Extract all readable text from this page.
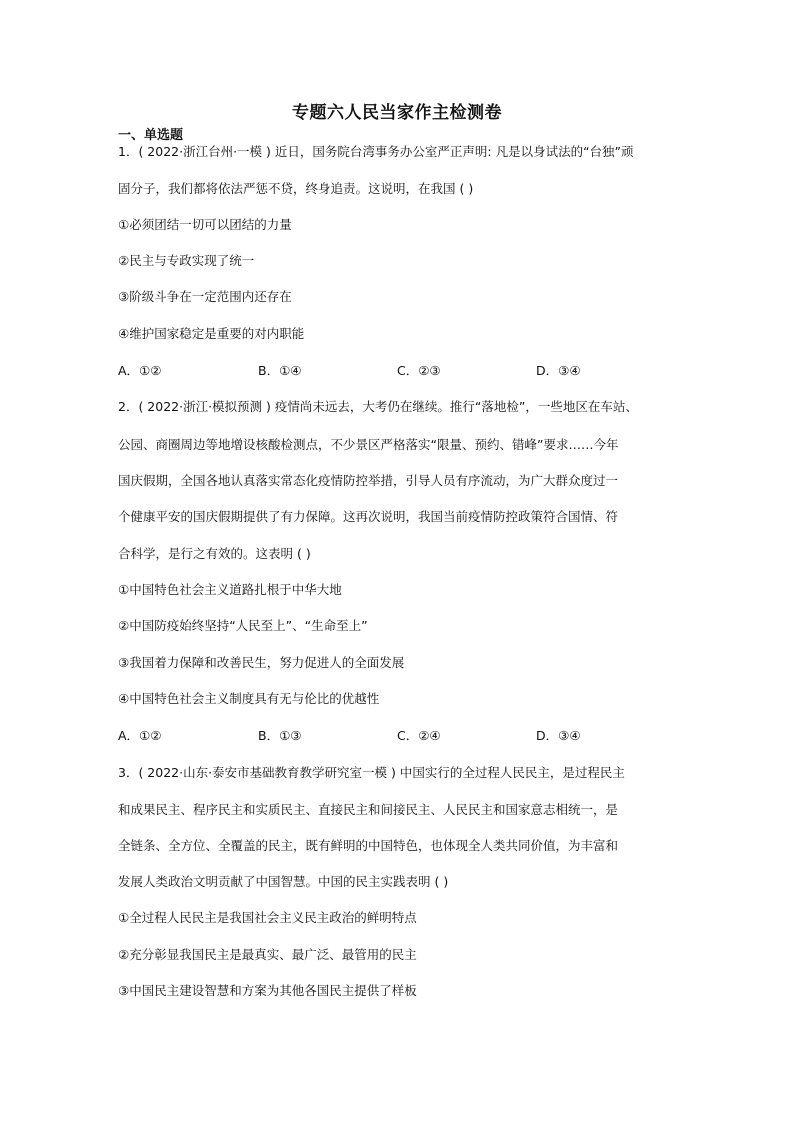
专题六人民当家作主检测卷
一、单选题
1．( 2022·浙江台州·一模 ) 近日，国务院台湾事务办公室严正声明: 凡是以身试法的“台独”顽
固分子，我们都将依法严惩不贷，终身追责。这说明，在我国 ( )
①必须团结一切可以团结的力量
②民主与专政实现了统一
③阶级斗争在一定范围内还存在
④维护国家稳定是重要的对内职能
A．①②	B．①④	C．②③	D．③④
2．( 2022·浙江·模拟预测 ) 疫情尚未远去，大考仍在继续。推行“落地检”，一些地区在车站、
公园、商圈周边等地增设核酸检测点，不少景区严格落实“限量、预约、错峰”要求……今年
国庆假期，全国各地认真落实常态化疫情防控举措，引导人员有序流动，为广大群众度过一
个健康平安的国庆假期提供了有力保障。这再次说明，我国当前疫情防控政策符合国情、符
合科学，是行之有效的。这表明 ( )
①中国特色社会主义道路扎根于中华大地
②中国防疫始终坚持“人民至上”、“生命至上”
③我国着力保障和改善民生，努力促进人的全面发展
④中国特色社会主义制度具有无与伦比的优越性
A．①②	B．①③	C．②④	D．③④
3．( 2022·山东·泰安市基础教育教学研究室一模 ) 中国实行的全过程人民民主，是过程民主
和成果民主、程序民主和实质民主、直接民主和间接民主、人民民主和国家意志相统一，是
全链条、全方位、全覆盖的民主，既有鲜明的中国特色，也体现全人类共同价值，为丰富和
发展人类政治文明贡献了中国智慧。中国的民主实践表明 ( )
①全过程人民民主是我国社会主义民主政治的鲜明特点
②充分彰显我国民主是最真实、最广泛、最管用的民主
③中国民主建设智慧和方案为其他各国民主提供了样板
